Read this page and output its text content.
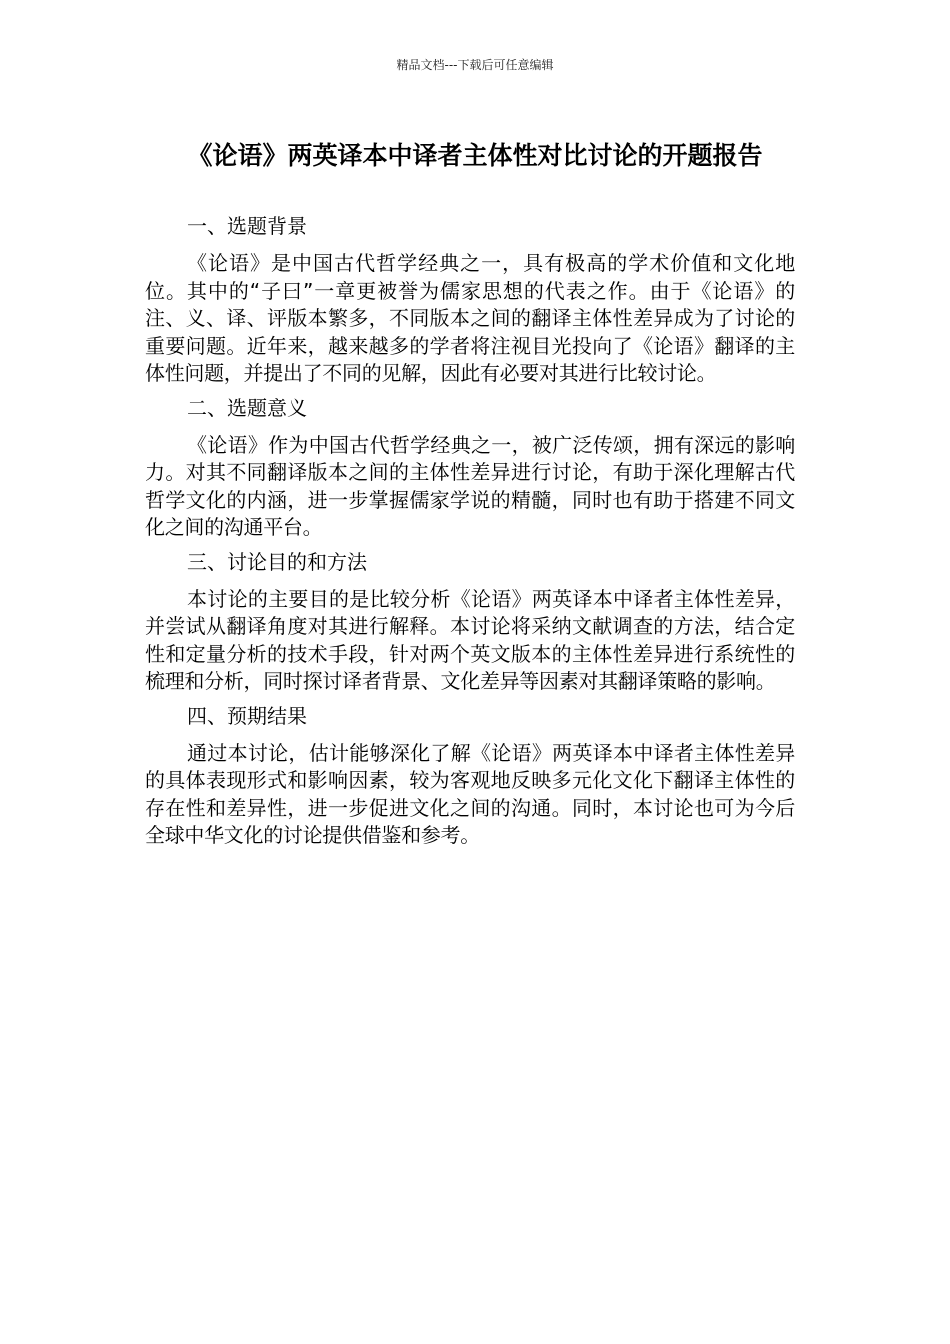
精品文档---下载后可任意编辑
《论语》两英译本中译者主体性对比讨论的开题报告

一、选题背景

《论语》是中国古代哲学经典之一，具有极高的学术价值和文化地位。其中的“子曰”一章更被誉为儒家思想的代表之作。由于《论语》的注、义、译、评版本繁多，不同版本之间的翻译主体性差异成为了讨论的重要问题。近年来，越来越多的学者将注视目光投向了《论语》翻译的主体性问题，并提出了不同的见解，因此有必要对其进行比较讨论。

二、选题意义

《论语》作为中国古代哲学经典之一，被广泛传颂，拥有深远的影响力。对其不同翻译版本之间的主体性差异进行讨论，有助于深化理解古代哲学文化的内涵，进一步掌握儒家学说的精髓，同时也有助于搭建不同文化之间的沟通平台。

三、讨论目的和方法

本讨论的主要目的是比较分析《论语》两英译本中译者主体性差异，并尝试从翻译角度对其进行解释。本讨论将采纳文献调查的方法，结合定性和定量分析的技术手段，针对两个英文版本的主体性差异进行系统性的梳理和分析，同时探讨译者背景、文化差异等因素对其翻译策略的影响。

四、预期结果

通过本讨论，估计能够深化了解《论语》两英译本中译者主体性差异的具体表现形式和影响因素，较为客观地反映多元化文化下翻译主体性的存在性和差异性，进一步促进文化之间的沟通。同时，本讨论也可为今后全球中华文化的讨论提供借鉴和参考。
